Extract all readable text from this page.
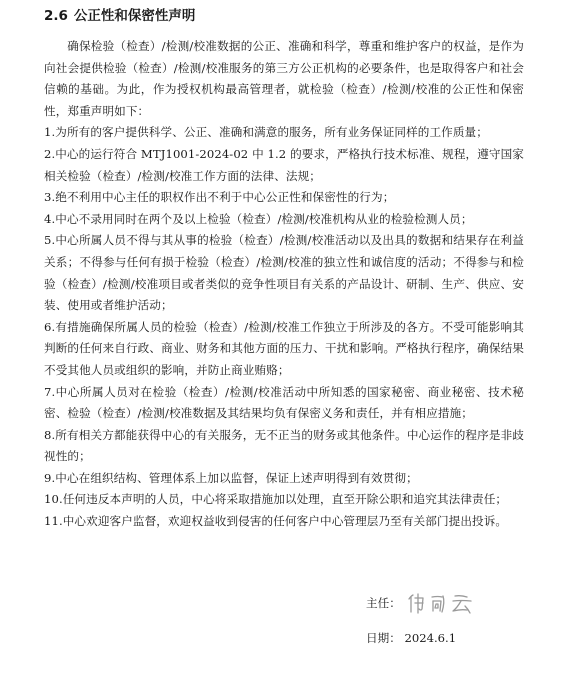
2.6 公正性和保密性声明

确保检验（检查）/检测/校准数据的公正、准确和科学，尊重和维护客户的权益，是作为向社会提供检验（检查）/检测/校准服务的第三方公正机构的必要条件，也是取得客户和社会信赖的基础。为此，作为授权机构最高管理者，就检验（检查）/检测/校准的公正性和保密性，郑重声明如下：

1.为所有的客户提供科学、公正、准确和满意的服务，所有业务保证同样的工作质量；

2.中心的运行符合 MTJ1001-2024-02 中 1.2 的要求，严格执行技术标准、规程，遵守国家相关检验（检查）/检测/校准工作方面的法律、法规；

3.绝不利用中心主任的职权作出不利于中心公正性和保密性的行为；

4.中心不录用同时在两个及以上检验（检查）/检测/校准机构从业的检验检测人员；

5.中心所属人员不得与其从事的检验（检查）/检测/校准活动以及出具的数据和结果存在利益关系；不得参与任何有损于检验（检查）/检测/校准的独立性和诚信度的活动；不得参与和检验（检查）/检测/校准项目或者类似的竞争性项目有关系的产品设计、研制、生产、供应、安装、使用或者维护活动；

6.有措施确保所属人员的检验（检查）/检测/校准工作独立于所涉及的各方。不受可能影响其判断的任何来自行政、商业、财务和其他方面的压力、干扰和影响。严格执行程序，确保结果不受其他人员或组织的影响，并防止商业贿赂；

7.中心所属人员对在检验（检查）/检测/校准活动中所知悉的国家秘密、商业秘密、技术秘密、检验（检查）/检测/校准数据及其结果均负有保密义务和责任，并有相应措施；

8.所有相关方都能获得中心的有关服务，无不正当的财务或其他条件。中心运作的程序是非歧视性的；

9.中心在组织结构、管理体系上加以监督，保证上述声明得到有效贯彻；

10.任何违反本声明的人员，中心将采取措施加以处理，直至开除公职和追究其法律责任；

11.中心欢迎客户监督，欢迎权益收到侵害的任何客户中心管理层乃至有关部门提出投诉。

主任：
日期： 2024.6.1
